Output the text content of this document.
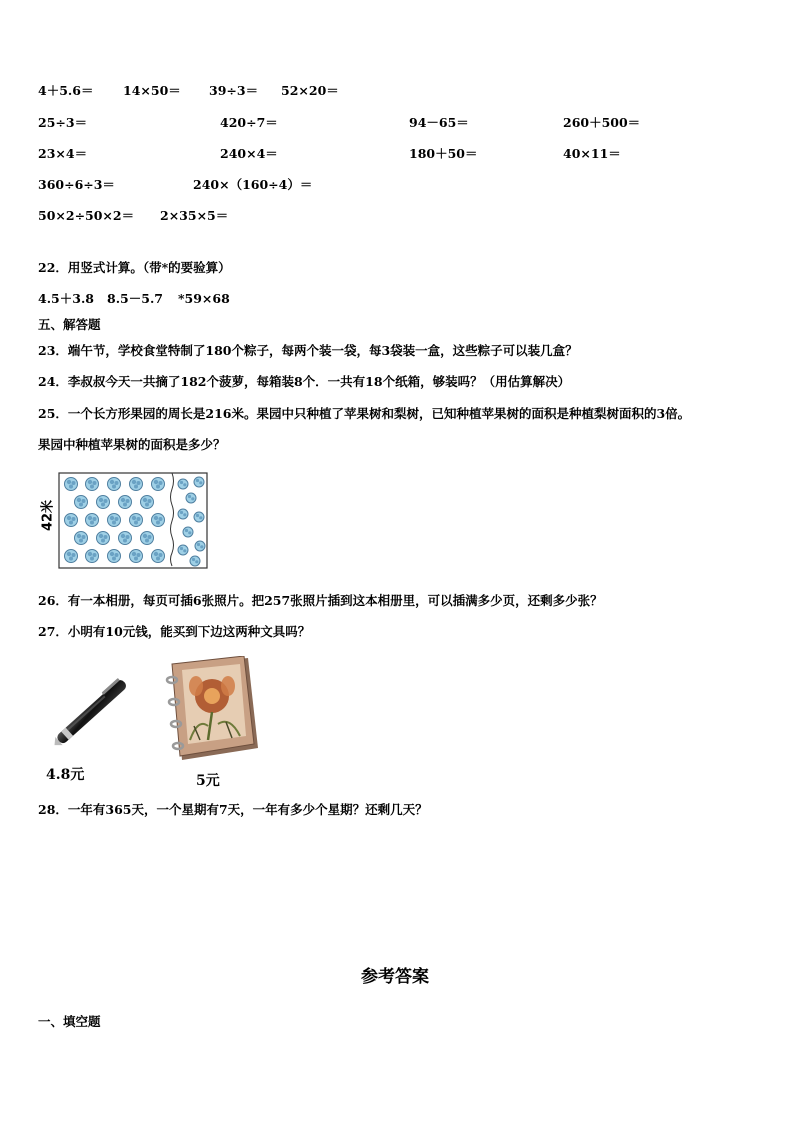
4＋5.6＝ 14×50＝ 39÷3＝ 52×20＝
25÷3＝	420÷7＝	94－65＝	260＋500＝
23×4＝	240×4＝	180＋50＝	40×11＝
360÷6÷3＝	240×（160÷4）＝
50×2÷50×2＝ 2×35×5＝
22．用竖式计算。（带*的要验算）
4.5＋3.8 8.5－5.7 *59×68
五、解答题
23．端午节，学校食堂特制了180个粽子，每两个装一袋，每3袋装一盒，这些粽子可以装几盒？
24．李叔叔今天一共摘了182个菠萝，每箱装8个．一共有18个纸箱，够装吗？（用估算解决）
25．一个长方形果园的周长是216米。果园中只种植了苹果树和梨树，已知种植苹果树的面积是种植梨树面积的3倍。
果园中种植苹果树的面积是多少？
42米
26．有一本相册，每页可插6张照片。把257张照片插到这本相册里，可以插满多少页，还剩多少张？
27．小明有10元钱，能买到下边这两种文具吗？
4.8元	5元
28．一年有365天，一个星期有7天，一年有多少个星期？还剩几天？
参考答案
一、填空题
